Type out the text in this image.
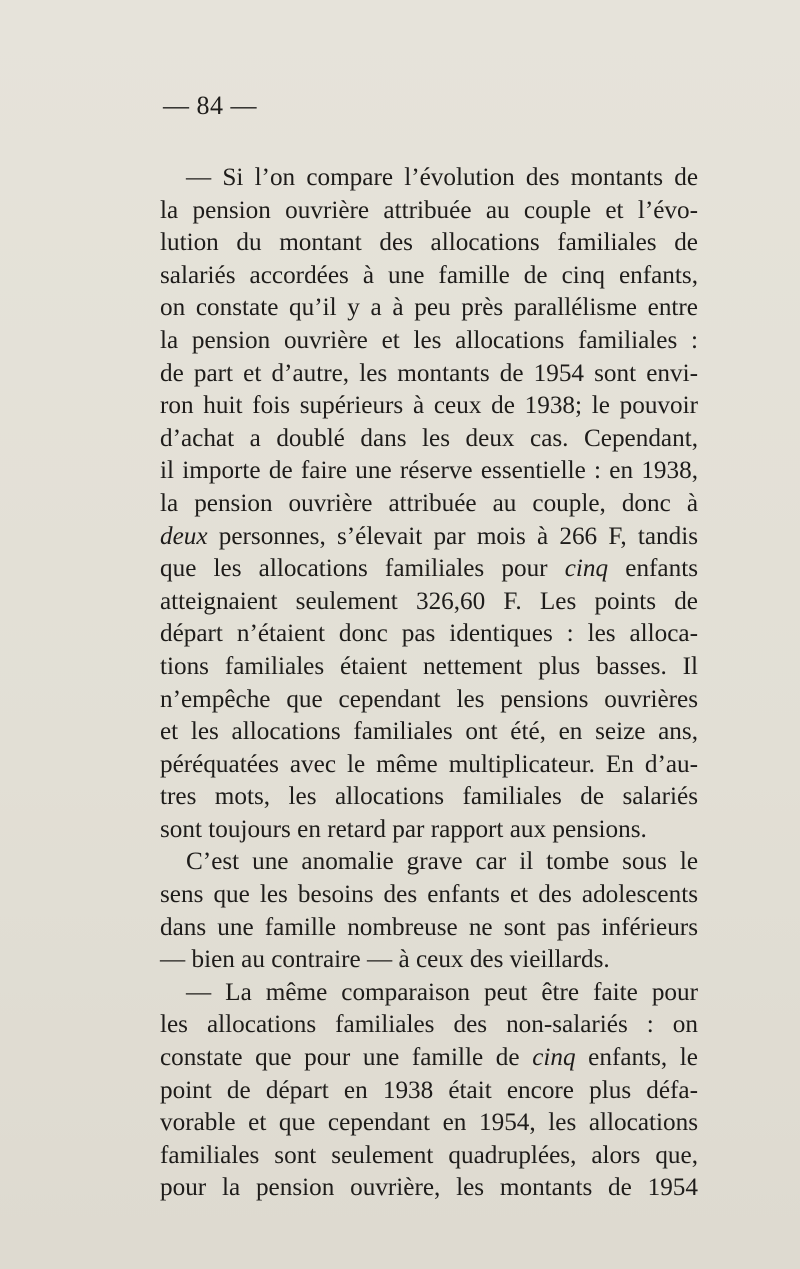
— 84 —
— Si l’on compare l’évolution des montants de
la pension ouvrière attribuée au couple et l’évo-
lution du montant des allocations familiales de
salariés accordées à une famille de cinq enfants,
on constate qu’il y a à peu près parallélisme entre
la pension ouvrière et les allocations familiales :
de part et d’autre, les montants de 1954 sont envi-
ron huit fois supérieurs à ceux de 1938; le pouvoir
d’achat a doublé dans les deux cas. Cependant,
il importe de faire une réserve essentielle : en 1938,
la pension ouvrière attribuée au couple, donc à
deux personnes, s’élevait par mois à 266 F, tandis
que les allocations familiales pour cinq enfants
atteignaient seulement 326,60 F. Les points de
départ n’étaient donc pas identiques : les alloca-
tions familiales étaient nettement plus basses. Il
n’empêche que cependant les pensions ouvrières
et les allocations familiales ont été, en seize ans,
péréquatées avec le même multiplicateur. En d’au-
tres mots, les allocations familiales de salariés
sont toujours en retard par rapport aux pensions.
C’est une anomalie grave car il tombe sous le
sens que les besoins des enfants et des adolescents
dans une famille nombreuse ne sont pas inférieurs
— bien au contraire — à ceux des vieillards.
— La même comparaison peut être faite pour
les allocations familiales des non-salariés : on
constate que pour une famille de cinq enfants, le
point de départ en 1938 était encore plus défa-
vorable et que cependant en 1954, les allocations
familiales sont seulement quadruplées, alors que,
pour la pension ouvrière, les montants de 1954
